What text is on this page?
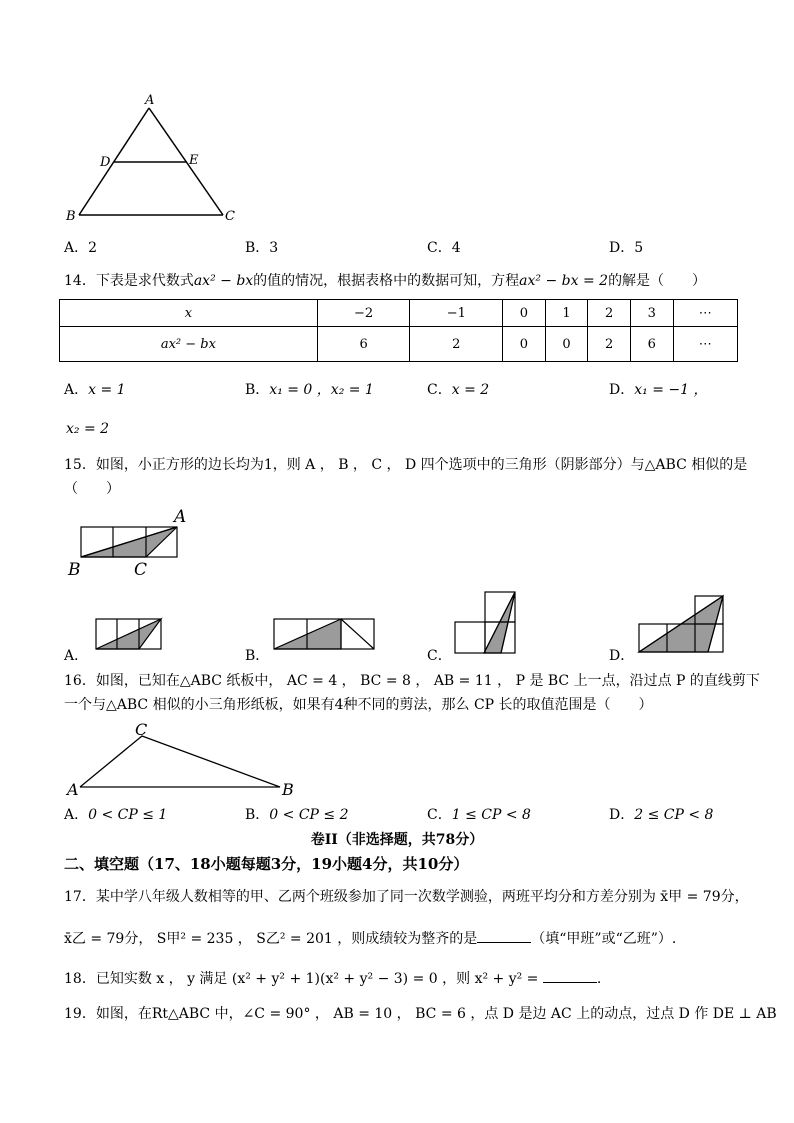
A
D	E
B	C
A．2	B．3	C．4	D．5
14．下表是求代数式ax² − bx的值的情况，根据表格中的数据可知，方程ax² − bx = 2的解是（　　）
x	−2	−1	0	1	2	3	⋯
ax² − bx	6	2	0	0	2	6	⋯
A．x = 1	B．x₁ = 0 ，x₂ = 1	C．x = 2	D．x₁ = −1 ，
x₂ = 2
15．如图，小正方形的边长均为1，则 A ， B ， C ， D 四个选项中的三角形（阴影部分）与△ABC 相似的是
（　　）
A
B	C
A．	B．	C．	D．
16．如图，已知在△ABC 纸板中， AC = 4 ， BC = 8 ， AB = 11 ， P 是 BC 上一点，沿过点 P 的直线剪下
一个与△ABC 相似的小三角形纸板，如果有4种不同的剪法，那么 CP 长的取值范围是（　　）
C
A	B
A．0 < CP ≤ 1	B．0 < CP ≤ 2	C．1 ≤ CP < 8	D．2 ≤ CP < 8
卷II（非选择题，共78分）
二、填空题（17、18小题每题3分，19小题4分，共10分）
17．某中学八年级人数相等的甲、乙两个班级参加了同一次数学测验，两班平均分和方差分别为 x̄甲 = 79分，
x̄乙 = 79分， S甲² = 235 ， S乙² = 201 ，则成绩较为整齐的是	（填“甲班”或“乙班”）.
18．已知实数 x ， y 满足 (x² + y² + 1)(x² + y² − 3) = 0 ，则 x² + y² =	.
19．如图，在Rt△ABC 中，∠C = 90° ， AB = 10 ， BC = 6 ，点 D 是边 AC 上的动点，过点 D 作 DE ⊥ AB
